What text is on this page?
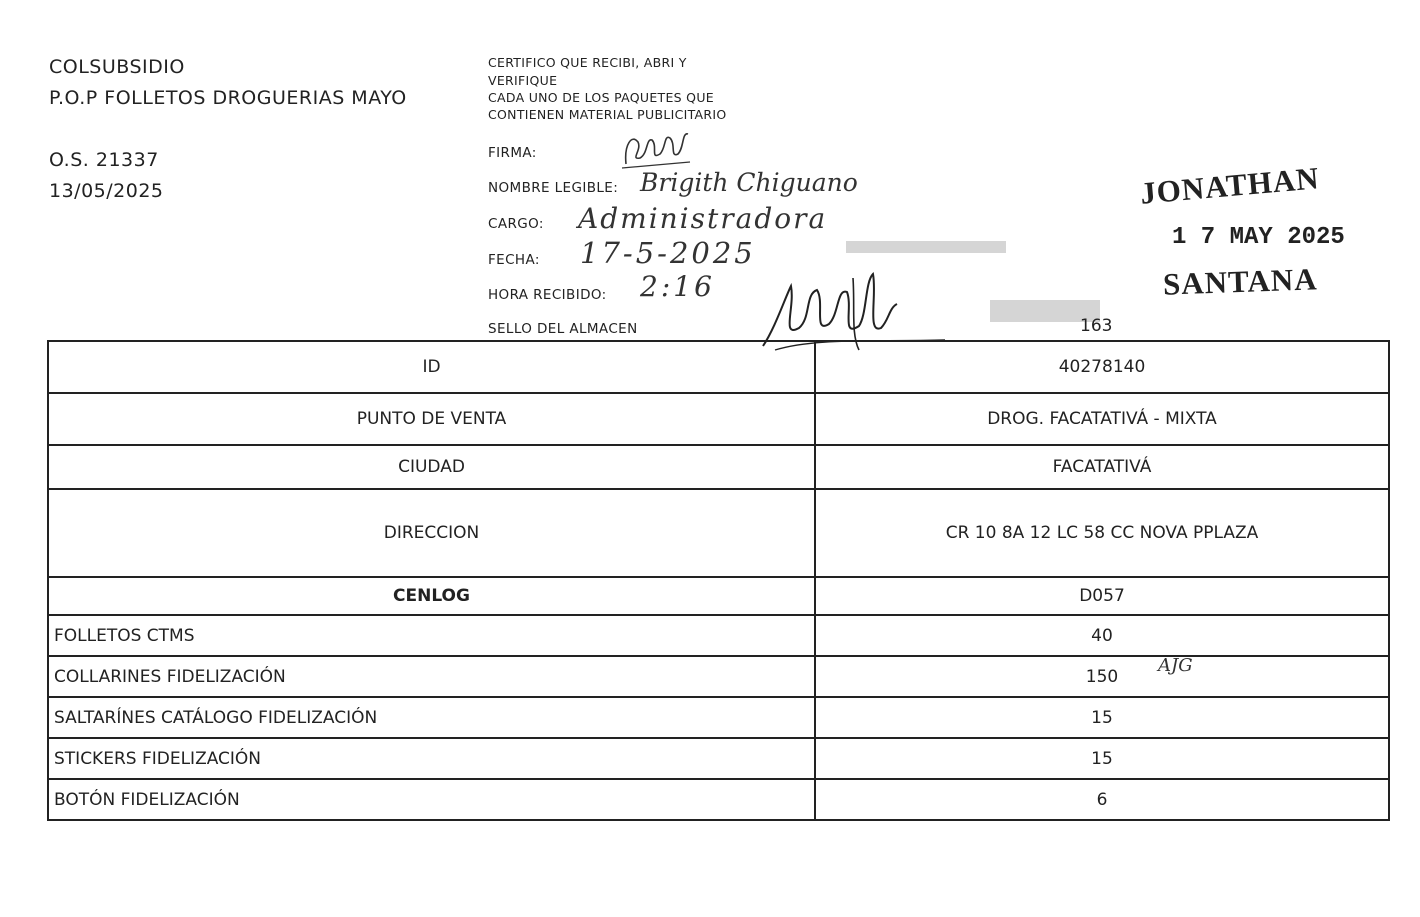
COLSUBSIDIO
P.O.P FOLLETOS DROGUERIAS MAYO
O.S. 21337
13/05/2025
CERTIFICO QUE RECIBI, ABRI Y
VERIFIQUE
CADA UNO DE LOS PAQUETES QUE
CONTIENEN MATERIAL PUBLICITARIO
FIRMA:
NOMBRE LEGIBLE: Brigith Chiguano
CARGO: Administradora
FECHA: 17-5-2025
HORA RECIBIDO: 2:16
SELLO DEL ALMACEN	163
JONATHAN
1 7 MAY 2025
SANTANA
ID	40278140
PUNTO DE VENTA	DROG. FACATATIVÁ - MIXTA
CIUDAD	FACATATIVÁ
DIRECCION	CR 10 8A 12 LC 58 CC NOVA PPLAZA
CENLOG	D057
FOLLETOS CTMS	40
COLLARINES FIDELIZACIÓN	150
SALTARÍNES CATÁLOGO FIDELIZACIÓN	15
STICKERS FIDELIZACIÓN	15
BOTÓN FIDELIZACIÓN	6
AJG
